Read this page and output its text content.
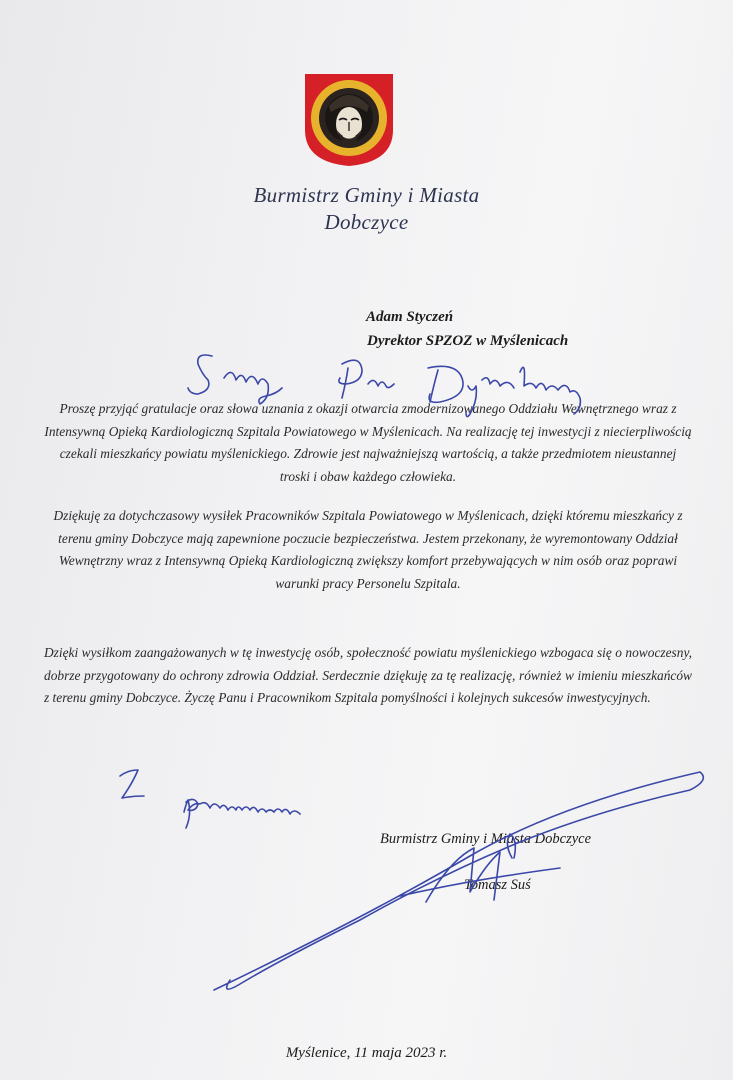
Burmistrz Gminy i Miasta
Dobczyce
Adam Styczeń
Dyrektor SPZOZ w Myślenicach
Proszę przyjąć gratulacje oraz słowa uznania z okazji otwarcia zmodernizowanego Oddziału Wewnętrznego wraz z Intensywną Opieką Kardiologiczną Szpitala Powiatowego w Myślenicach. Na realizację tej inwestycji z niecierpliwością czekali mieszkańcy powiatu myślenickiego. Zdrowie jest najważniejszą wartością, a także przedmiotem nieustannej troski i obaw każdego człowieka.
Dziękuję za dotychczasowy wysiłek Pracowników Szpitala Powiatowego w Myślenicach, dzięki któremu mieszkańcy z terenu gminy Dobczyce mają zapewnione poczucie bezpieczeństwa. Jestem przekonany, że wyremontowany Oddział Wewnętrzny wraz z Intensywną Opieką Kardiologiczną zwiększy komfort przebywających w nim osób oraz poprawi warunki pracy Personelu Szpitala.
Dzięki wysiłkom zaangażowanych w tę inwestycję osób, społeczność powiatu myślenickiego wzbogaca się o nowoczesny, dobrze przygotowany do ochrony zdrowia Oddział. Serdecznie dziękuję za tę realizację, również w imieniu mieszkańców z terenu gminy Dobczyce. Życzę Panu i Pracownikom Szpitala pomyślności i kolejnych sukcesów inwestycyjnych.
Burmistrz Gminy i Miasta Dobczyce
Tomasz Suś
Myślenice, 11 maja 2023 r.
